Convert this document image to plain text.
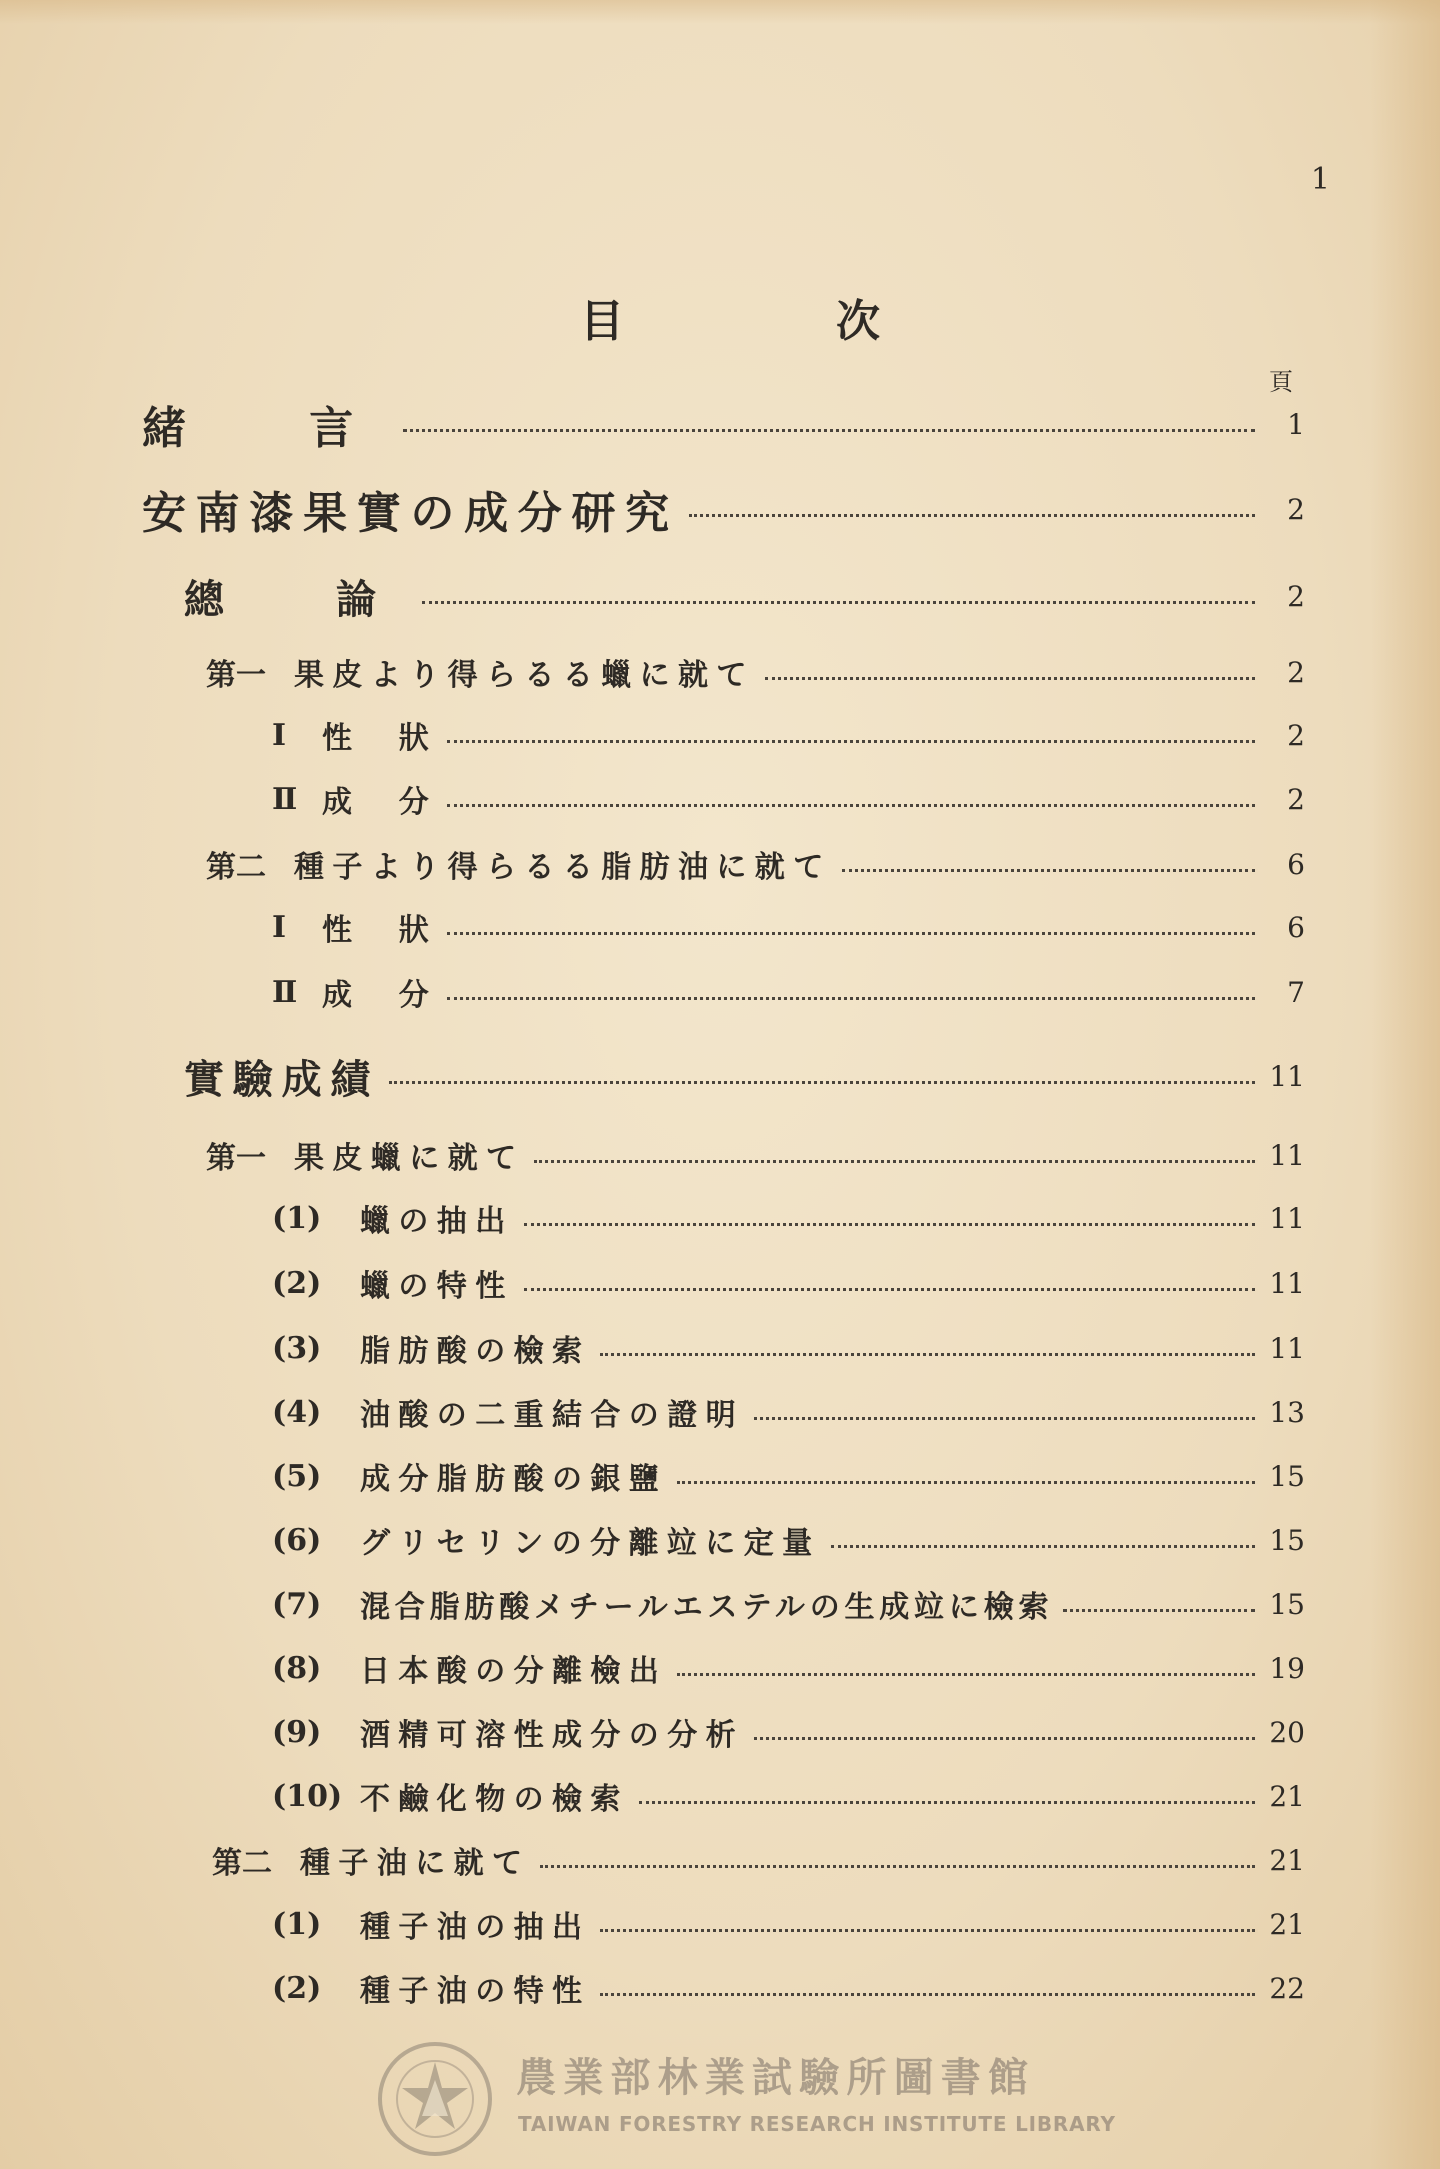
1
目	次
頁
緒　言	1
安南漆果實の成分研究	2
總　論	2
第一 果皮より得らるる蠟に就て	2
Ⅰ	性　狀	2
Ⅱ 成　分	2
第二 種子より得らるる脂肪油に就て	6
Ⅰ	性　狀	6
Ⅱ 成　分	7
實驗成績	11
第一 果皮蠟に就て	11
(1)	蠟の抽出	11
(2)	蠟の特性	11
(3)	脂肪酸の檢索	11
(4)	油酸の二重結合の證明	13
(5)	成分脂肪酸の銀鹽	15
(6)	グリセリンの分離竝に定量	15
(7)	混合脂肪酸メチールエステルの生成竝に檢索	15
(8)	日本酸の分離檢出	19
(9)	酒精可溶性成分の分析	20
(10) 不鹼化物の檢索	21
第二 種子油に就て	21
(1)	種子油の抽出	21
(2)	種子油の特性	22
農業部林業試驗所圖書館
TAIWAN FORESTRY RESEARCH INSTITUTE LIBRARY
